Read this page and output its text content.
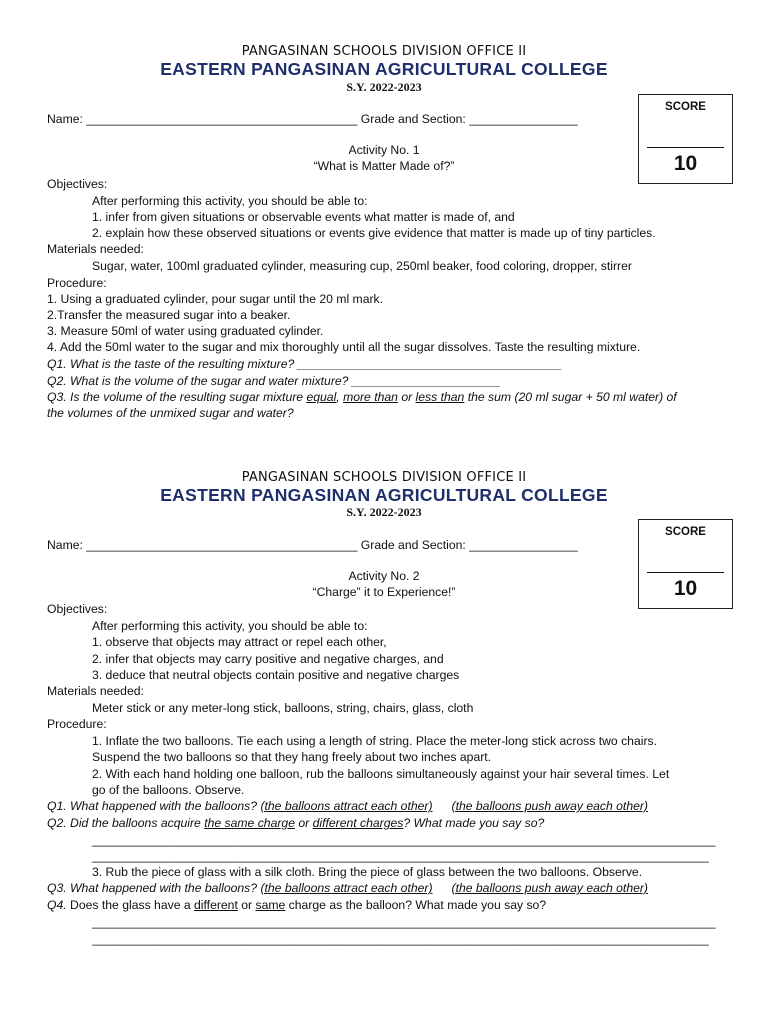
PANGASINAN SCHOOLS DIVISION OFFICE II
EASTERN PANGASINAN AGRICULTURAL COLLEGE
S.Y. 2022-2023
SCORE
10
Name: ________________________________________ Grade and Section: ________________
Activity No. 1
“What is Matter Made of?”
Objectives:
After performing this activity, you should be able to:
1. infer from given situations or observable events what matter is made of, and
2. explain how these observed situations or events give evidence that matter is made up of tiny particles.
Materials needed:
Sugar, water, 100ml graduated cylinder, measuring cup, 250ml beaker, food coloring, dropper, stirrer
Procedure:
1. Using a graduated cylinder, pour sugar until the 20 ml mark.
2.Transfer the measured sugar into a beaker.
3. Measure 50ml of water using graduated cylinder.
4. Add the 50ml water to the sugar and mix thoroughly until all the sugar dissolves. Taste the resulting mixture.
Q1. What is the taste of the resulting mixture? _______________________________________
Q2. What is the volume of the sugar and water mixture? ______________________
Q3. Is the volume of the resulting sugar mixture equal, more than or less than the sum (20 ml sugar + 50 ml water) of
the volumes of the unmixed sugar and water?
PANGASINAN SCHOOLS DIVISION OFFICE II
EASTERN PANGASINAN AGRICULTURAL COLLEGE
S.Y. 2022-2023
SCORE
10
Name: ________________________________________ Grade and Section: ________________
Activity No. 2
“Charge” it to Experience!”
Objectives:
After performing this activity, you should be able to:
1. observe that objects may attract or repel each other,
2. infer that objects may carry positive and negative charges, and
3. deduce that neutral objects contain positive and negative charges
Materials needed:
Meter stick or any meter-long stick, balloons, string, chairs, glass, cloth
Procedure:
1. Inflate the two balloons. Tie each using a length of string. Place the meter-long stick across two chairs.
Suspend the two balloons so that they hang freely about two inches apart.
2. With each hand holding one balloon, rub the balloons simultaneously against your hair several times. Let
go of the balloons. Observe.
Q1. What happened with the balloons? (the balloons attract each other) (the balloons push away each other)
Q2. Did the balloons acquire the same charge or different charges? What made you say so?
____________________________________________________________________________________________
___________________________________________________________________________________________
3. Rub the piece of glass with a silk cloth. Bring the piece of glass between the two balloons. Observe.
Q3. What happened with the balloons? (the balloons attract each other) (the balloons push away each other)
Q4. Does the glass have a different or same charge as the balloon? What made you say so?
____________________________________________________________________________________________
___________________________________________________________________________________________
